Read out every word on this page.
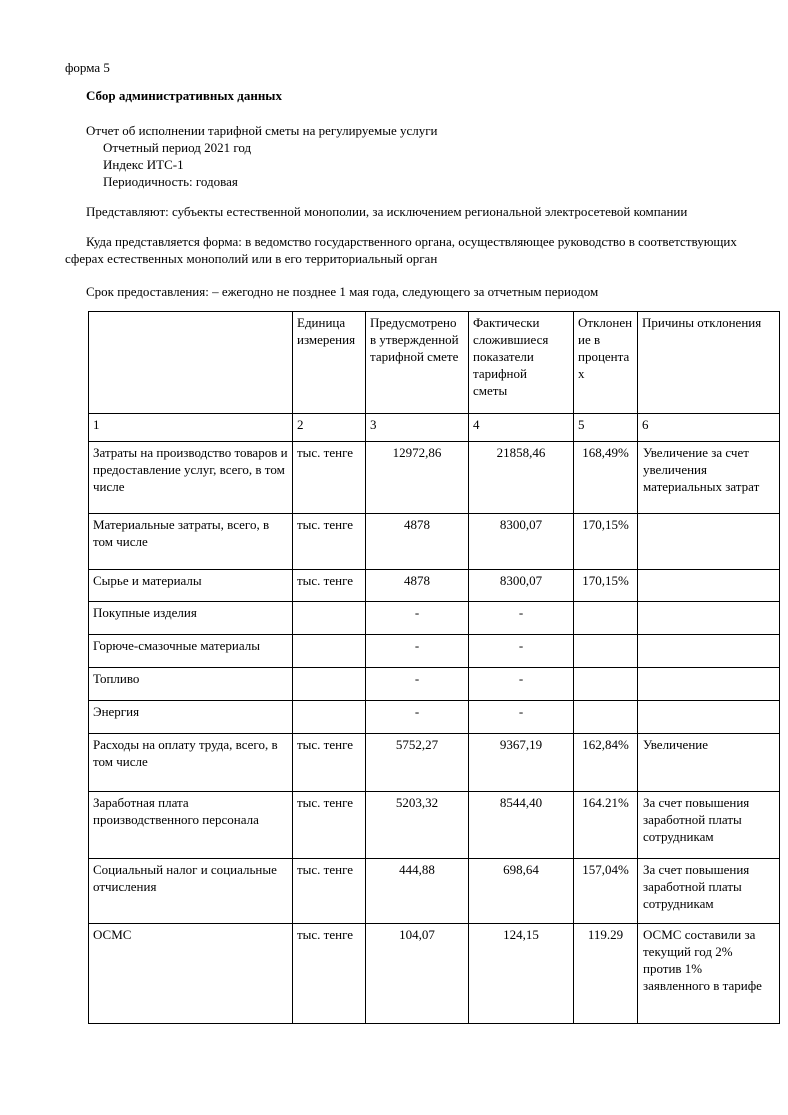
форма 5
Сбор административных данных
Отчет об исполнении тарифной сметы на регулируемые услуги
Отчетный период 2021 год
Индекс ИТС-1
Периодичность: годовая

Представляют: субъекты естественной монополии, за исключением региональной электросетевой компании

Куда представляется форма: в ведомство государственного органа, осуществляющее руководство в соответствующих сферах естественных монополий или в его территориальный орган

Срок предоставления: – ежегодно не позднее 1 мая года, следующего за отчетным периодом

	Единица измерения	Предусмотрено в утвержденной тарифной смете	Фактически сложившиеся показатели тарифной сметы	Отклонение в процентах	Причины отклонения
1	2	3	4	5	6
Затраты на производство товаров и предоставление услуг, всего, в том числе	тыс. тенге	12972,86	21858,46	168,49%	Увеличение за счет увеличения материальных затрат
Материальные затраты, всего, в том числе	тыс. тенге	4878	8300,07	170,15%	
Сырье и материалы	тыс. тенге	4878	8300,07	170,15%	
Покупные изделия		-	-		
Горюче-смазочные материалы		-	-		
Топливо		-	-		
Энергия		-	-		
Расходы на оплату труда, всего, в том числе	тыс. тенге	5752,27	9367,19	162,84%	Увеличение
Заработная плата производственного персонала	тыс. тенге	5203,32	8544,40	164.21%	За счет повышения заработной платы сотрудникам
Социальный налог и социальные отчисления	тыс. тенге	444,88	698,64	157,04%	За счет повышения заработной платы сотрудникам
ОСМС	тыс. тенге	104,07	124,15	119.29	ОСМС составили за текущий год 2% против 1% заявленного в тарифе
